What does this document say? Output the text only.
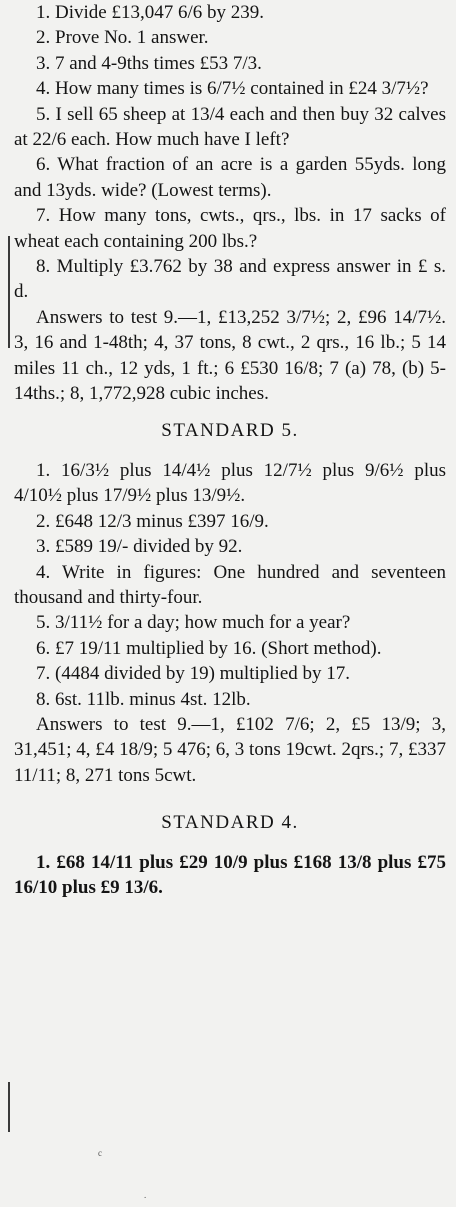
c
.

1. Divide £13,047 6/6 by 239.

2. Prove No. 1 answer.

3. 7 and 4-9ths times £53 7/3.

4. How many times is 6/7½ contained in £24 3/7½?

5. I sell 65 sheep at 13/4 each and then buy 32 calves at 22/6 each. How much have I left?

6. What fraction of an acre is a garden 55yds. long and 13yds. wide? (Lowest terms).

7. How many tons, cwts., qrs., lbs. in 17 sacks of wheat each containing 200 lbs.?

8. Multiply £3.762 by 38 and express answer in £ s. d.

Answers to test 9.—1, £13,252 3/7½; 2, £96 14/7½. 3, 16 and 1-48th; 4, 37 tons, 8 cwt., 2 qrs., 16 lb.; 5 14 miles 11 ch., 12 yds, 1 ft.; 6 £530 16/8; 7 (a) 78, (b) 5-14ths.; 8, 1,772,928 cubic inches.

STANDARD 5.

1. 16/3½ plus 14/4½ plus 12/7½ plus 9/6½ plus 4/10½ plus 17/9½ plus 13/9½.

2. £648 12/3 minus £397 16/9.

3. £589 19/- divided by 92.

4. Write in figures: One hundred and seventeen thousand and thirty-four.

5. 3/11½ for a day; how much for a year?

6. £7 19/11 multiplied by 16. (Short method).

7. (4484 divided by 19) multiplied by 17.

8. 6st. 11lb. minus 4st. 12lb.

Answers to test 9.—1, £102 7/6; 2, £5 13/9; 3, 31,451; 4, £4 18/9; 5 476; 6, 3 tons 19cwt. 2qrs.; 7, £337 11/11; 8, 271 tons 5cwt.

STANDARD 4.

1. £68 14/11 plus £29 10/9 plus £168 13/8 plus £75 16/10 plus £9 13/6.
